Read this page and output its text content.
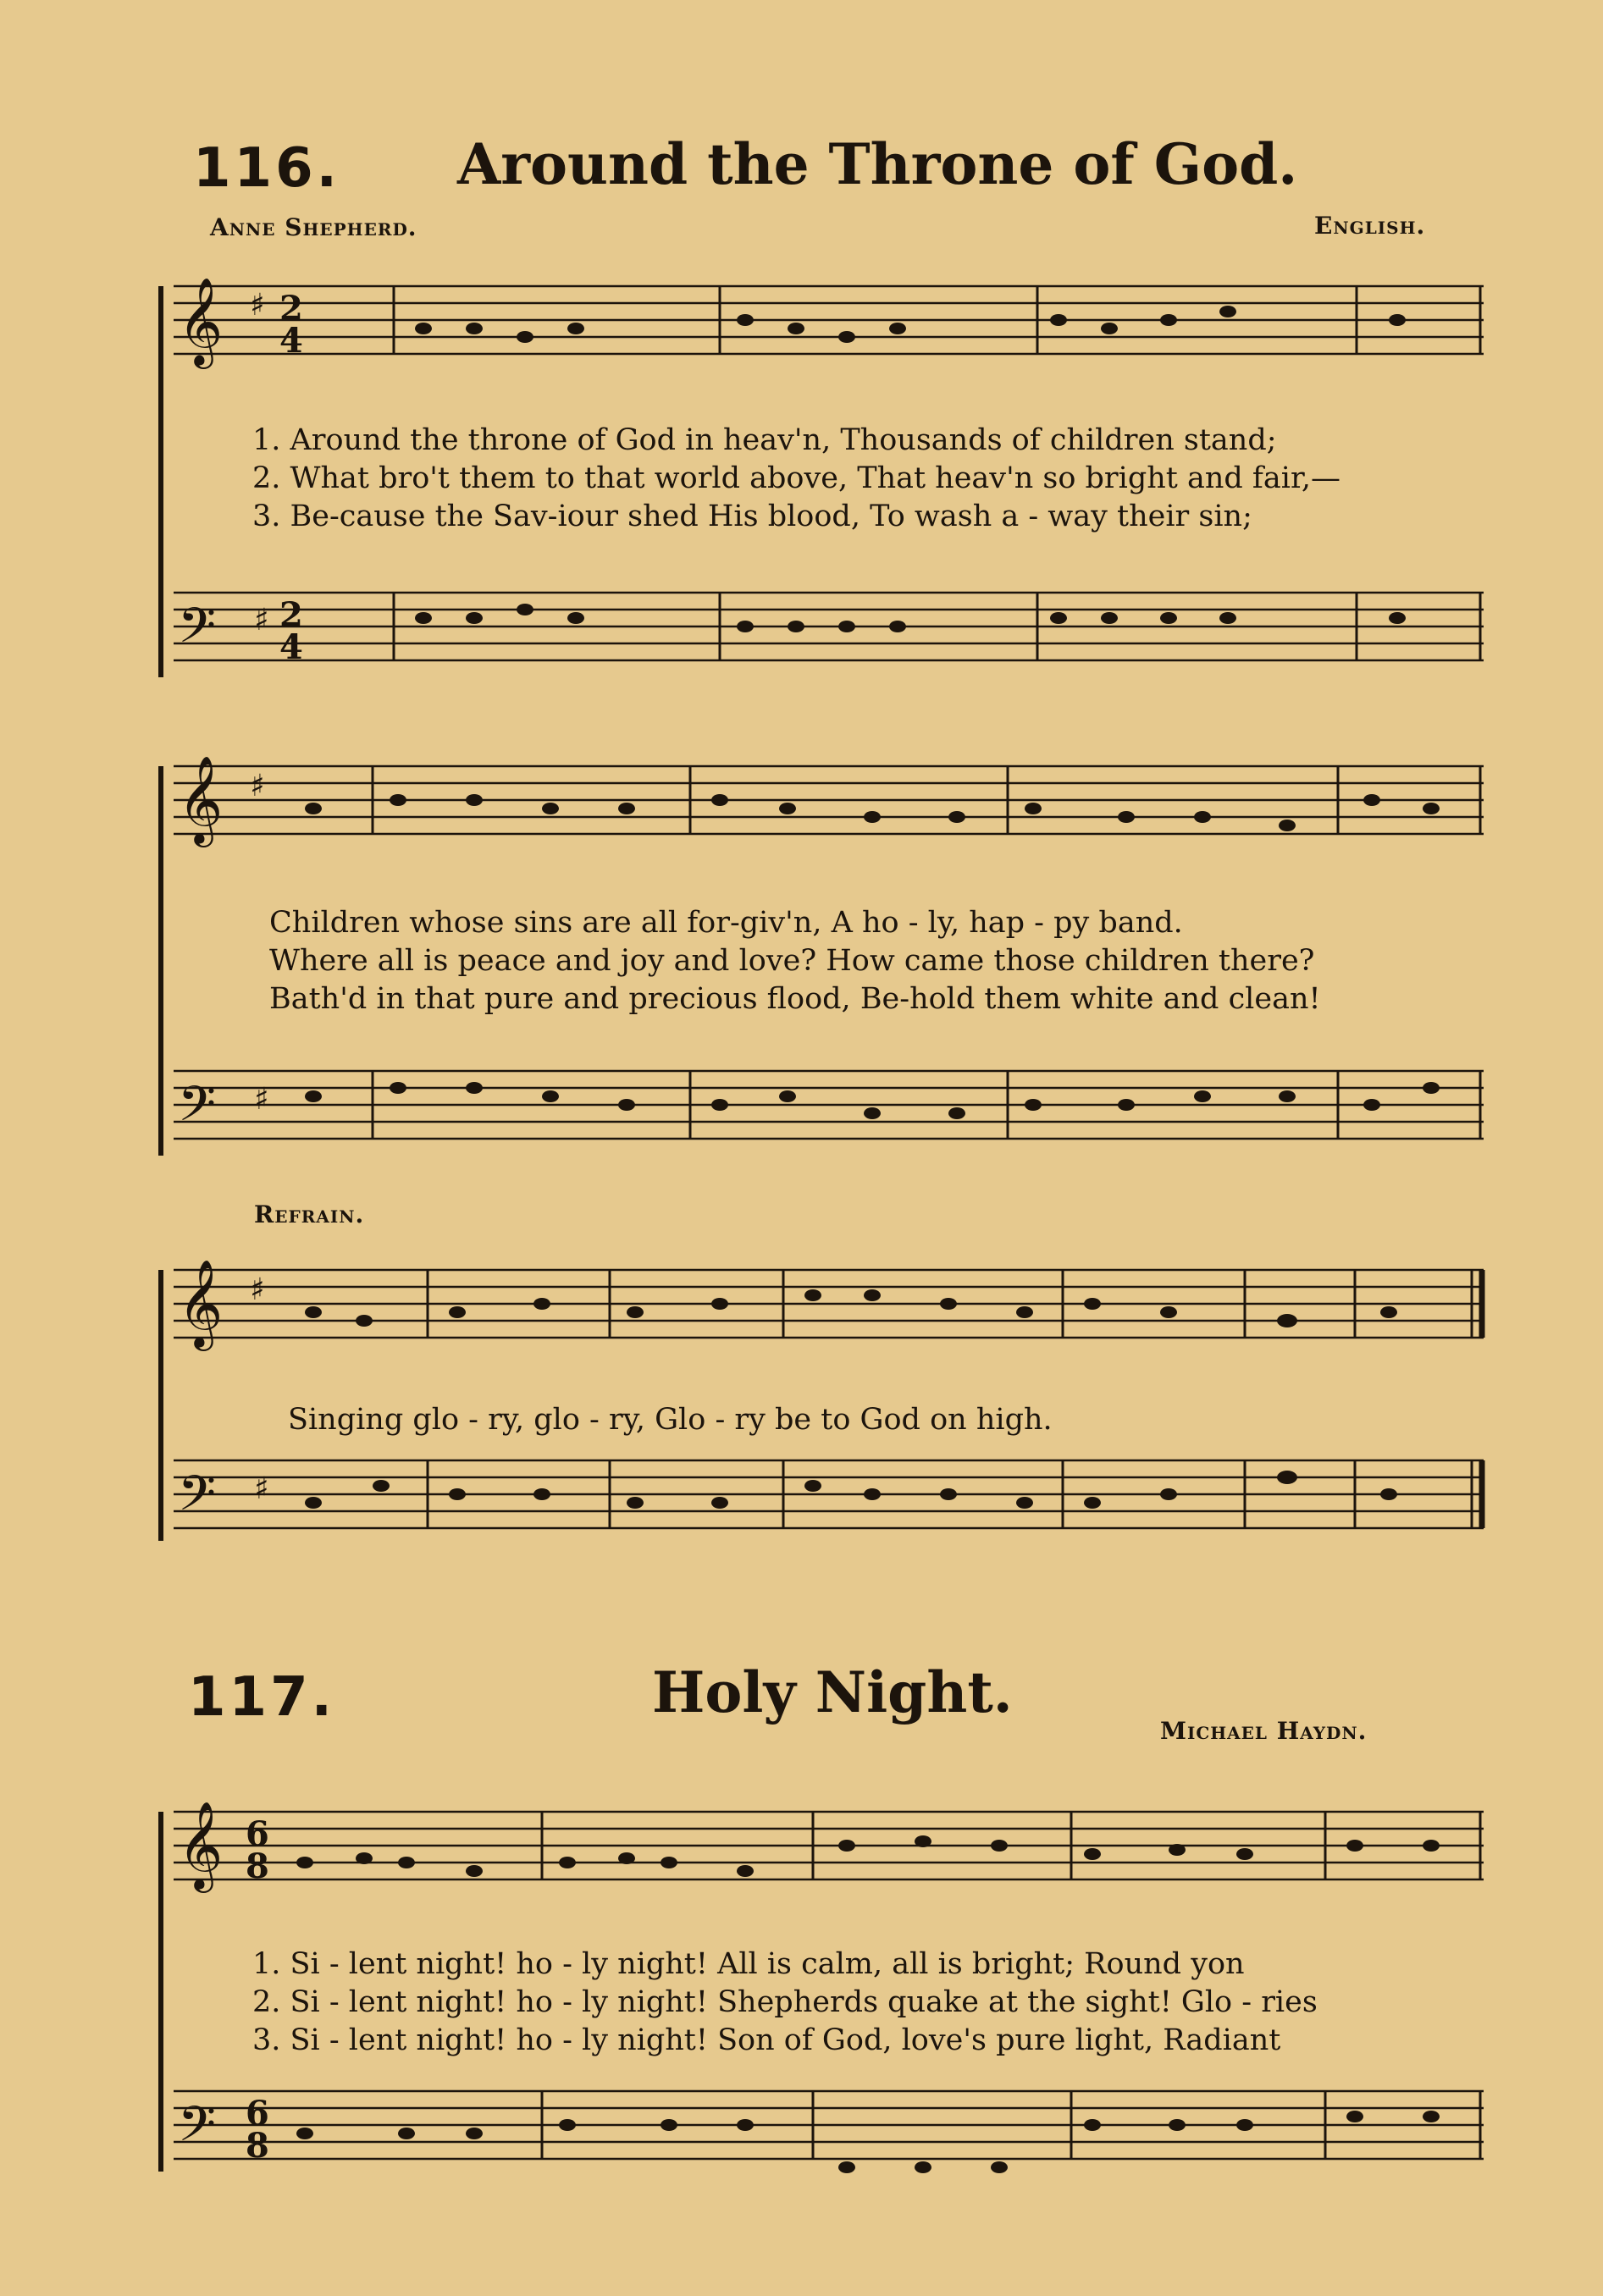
116. Around the Throne of God.
Anne Shepherd.	English.
𝄞
𝄢
♯
♯
2
4
2
4
1. Around the throne of God in heav'n, Thousands of children stand;
2. What bro't them to that world above, That heav'n so bright and fair,—
3. Be-cause the Sav-iour shed His blood, To wash a - way their sin;
𝄞
𝄢
♯
♯
Children whose sins are all for-giv'n, A ho - ly, hap - py band.
Where all is peace and joy and love? How came those children there?
Bath'd in that pure and precious flood, Be-hold them white and clean!
Refrain.
𝄞
𝄢
♯
♯
Singing glo - ry, glo - ry, Glo - ry be to God on high.
117.	Holy Night.
Michael Haydn.
𝄞
𝄢
6
8
6
8
1. Si - lent night! ho - ly night! All is calm, all is bright; Round yon
2. Si - lent night! ho - ly night! Shepherds quake at the sight! Glo - ries
3. Si - lent night! ho - ly night! Son of God, love's pure light, Radiant
